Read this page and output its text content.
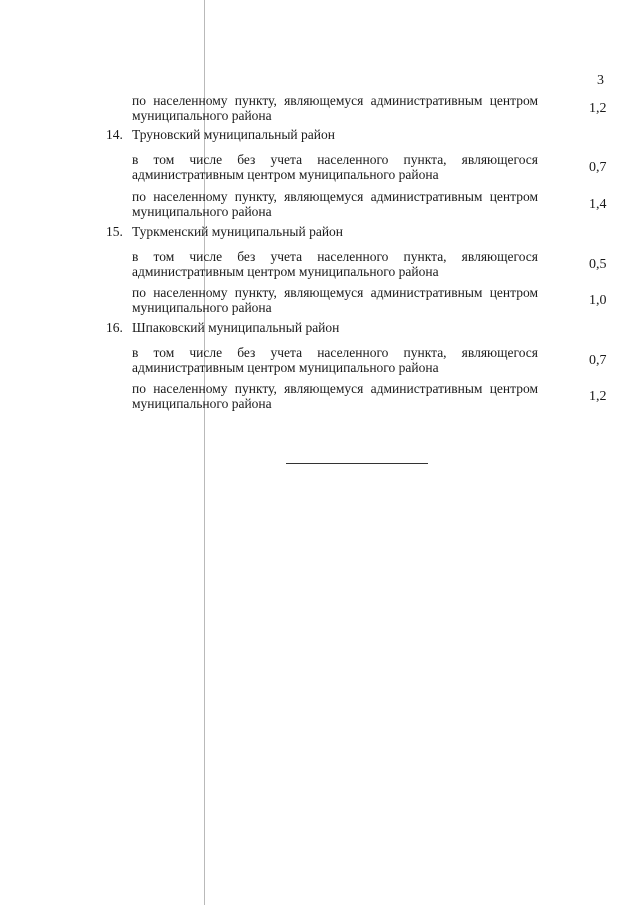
3
по населенному пункту, являющемуся административным центром муниципального района	1,2
14. Труновский муниципальный район
в том числе без учета населенного пункта, являющегося административным центром муниципального района	0,7
по населенному пункту, являющемуся административным центром муниципального района	1,4
15. Туркменский муниципальный район
в том числе без учета населенного пункта, являющегося административным центром муниципального района	0,5
по населенному пункту, являющемуся административным центром муниципального района	1,0
16. Шпаковский муниципальный район
в том числе без учета населенного пункта, являющегося административным центром муниципального района	0,7
по населенному пункту, являющемуся административным центром муниципального района	1,2
